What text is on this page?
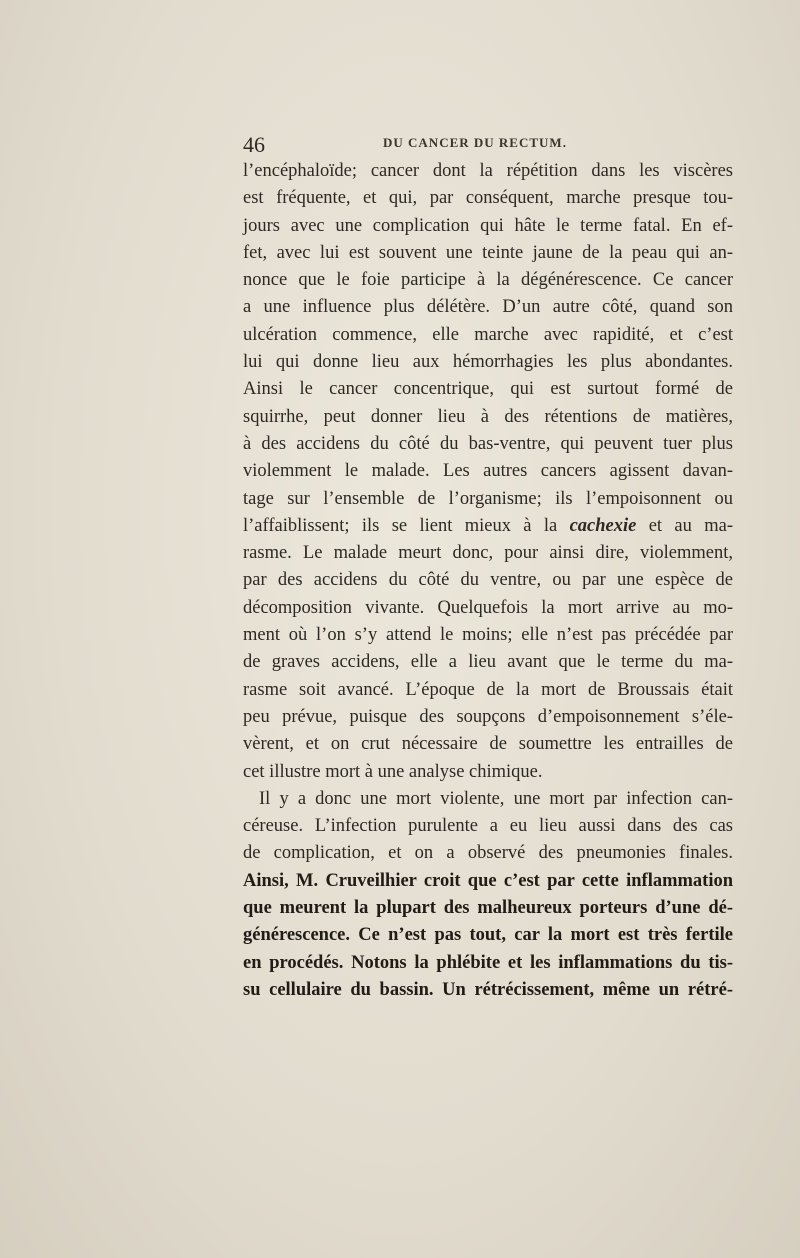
46	DU CANCER DU RECTUM.
l’encéphaloïde; cancer dont la répétition dans les viscères
est fréquente, et qui, par conséquent, marche presque tou-
jours avec une complication qui hâte le terme fatal. En ef-
fet, avec lui est souvent une teinte jaune de la peau qui an-
nonce que le foie participe à la dégénérescence. Ce cancer
a une influence plus délétère. D’un autre côté, quand son
ulcération commence, elle marche avec rapidité, et c’est
lui qui donne lieu aux hémorrhagies les plus abondantes.
Ainsi le cancer concentrique, qui est surtout formé de
squirrhe, peut donner lieu à des rétentions de matières,
à des accidens du côté du bas-ventre, qui peuvent tuer plus
violemment le malade. Les autres cancers agissent davan-
tage sur l’ensemble de l’organisme; ils l’empoisonnent ou
l’affaiblissent; ils se lient mieux à la cachexie et au ma-
rasme. Le malade meurt donc, pour ainsi dire, violemment,
par des accidens du côté du ventre, ou par une espèce de
décomposition vivante. Quelquefois la mort arrive au mo-
ment où l’on s’y attend le moins; elle n’est pas précédée par
de graves accidens, elle a lieu avant que le terme du ma-
rasme soit avancé. L’époque de la mort de Broussais était
peu prévue, puisque des soupçons d’empoisonnement s’éle-
vèrent, et on crut nécessaire de soumettre les entrailles de
cet illustre mort à une analyse chimique.
Il y a donc une mort violente, une mort par infection can-
céreuse. L’infection purulente a eu lieu aussi dans des cas
de complication, et on a observé des pneumonies finales.
Ainsi, M. Cruveilhier croit que c’est par cette inflammation
que meurent la plupart des malheureux porteurs d’une dé-
générescence. Ce n’est pas tout, car la mort est très fertile
en procédés. Notons la phlébite et les inflammations du tis-
su cellulaire du bassin. Un rétrécissement, même un rétré-
